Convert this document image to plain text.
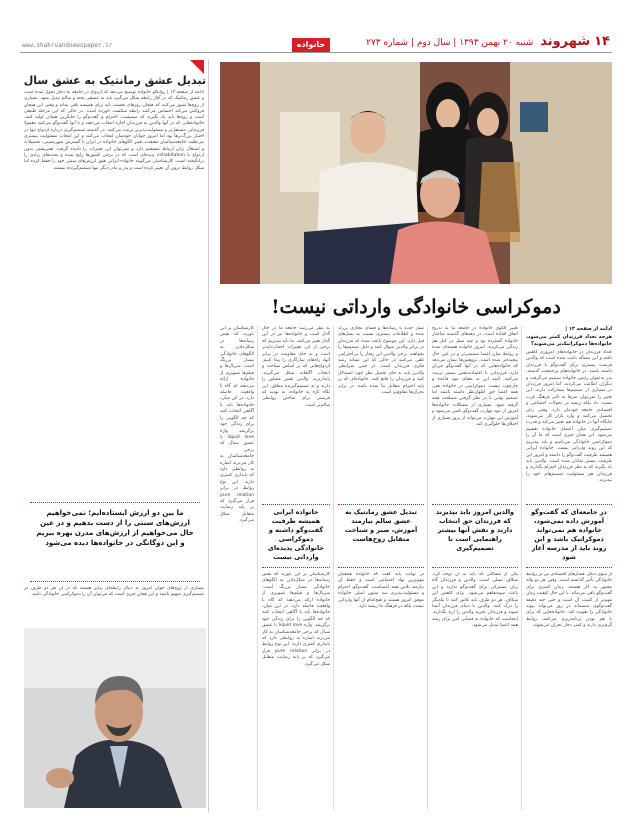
www.shahrvandnewspaper.ir	خانواده	۱۴شهروند شنبه ۲۰ بهمن ۱۳۹۳ | سال دوم | شماره ۲۷۳
تبدیل عشق رمانتیک به عشق سال
ادامه از صفحه ۱۳ | روانکاو خانواده توضیح می‌دهد که ازدواج در جامعه ما دچار تحول شده است و عشق رمانتیک که در آغاز رابطه شکل می‌گیرد باید به عشقی پخته و سالم تبدیل شود. بسیاری از زوج‌ها تصور می‌کنند که هیجان روزهای نخست باید برای همیشه باقی بماند و وقتی این هیجان فروکش می‌کند احساس می‌کنند رابطه شکست خورده است. در حالی که این مرحله طبیعی است و زوج‌ها باید یاد بگیرند که صمیمیت، احترام و گفت‌وگو را جایگزین هیجان اولیه کنند. خانواده‌هایی که در آنها والدین به فرزندان اجازه انتخاب می‌دهند و با آنها گفت‌وگو می‌کنند معمولا فرزندانی مستقل‌تر و مسئولیت‌پذیرتر تربیت می‌کنند. در گذشته تصمیم‌گیری درباره ازدواج تنها در اختیار بزرگ‌ترها بود اما امروز جوانان خودشان انتخاب می‌کنند و این انتخاب مسئولیت بیشتری می‌طلبد. جامعه‌شناسان معتقدند تغییر الگوهای خانواده در ایران با گسترش شهرنشینی، تحصیلات و اشتغال زنان ارتباط مستقیم دارد و نمی‌توان این تغییرات را نادیده گرفت. همزیستی بدون ازدواج یا cohabitation پدیده‌ای است که در برخی کشورها رایج شده و بحث‌های زیادی را برانگیخته است. کارشناسان می‌گویند خانواده ایرانی هنوز ارزش‌های سنتی خود را حفظ کرده اما شکل روابط درون آن تغییر کرده است و پدر و مادر دیگر تنها تصمیم‌گیرنده نیستند.
ما بین دو ارزش ایستاده‌ایم؛ نمی‌خواهیم ارزش‌های سنتی را از دست بدهیم و در عین حال می‌خواهیم از ارزش‌های مدرن بهره ببریم و این دوگانگی در خانواده‌ها دیده می‌شود
بسیاری از زوج‌های جوان امروز به دنبال رابطه‌ای برابر هستند که در آن هر دو طرف در تصمیم‌گیری سهیم باشند و این همان چیزی است که می‌توان آن را دموکراسی خانوادگی نامید.
دموکراسی خانوادگی وارداتی نیست!
ادامه از صفحه ۱۳ |
هرچه تعداد فرزندان کمتر می‌شود، خانواده‌ها دموکراتیک‌تر می‌شوند؟
تعداد فرزندان در خانواده‌های امروزی کاهش یافته و این مسأله باعث شده است که والدین فرصت بیشتری برای گفت‌وگو با فرزندان داشته باشند. در خانواده‌های پرجمعیت گذشته، پدر به‌عنوان رئیس خانواده تصمیم می‌گرفت و دیگران اطاعت می‌کردند. اما امروز فرزندان در بسیاری از تصمیم‌ها مشارکت دارند. این تغییر را نمی‌توان صرفا به تاثیر فرهنگ غرب نسبت داد بلکه ریشه در تحولات اجتماعی و اقتصادی جامعه خودمان دارد. وقتی زنان تحصیل می‌کنند و وارد بازار کار می‌شوند، جایگاه آنها در خانواده هم تغییر می‌کند و قدرت تصمیم‌گیری میان اعضای خانواده تقسیم می‌شود. این همان چیزی است که ما آن را دموکراسی خانوادگی می‌نامیم و باید بپذیریم که این روند وارداتی نیست. خانواده ایرانی همیشه ظرفیت گفت‌وگو را داشته و امروز این ظرفیت بیشتر نمایان شده است. والدین باید یاد بگیرند که به نظر فرزندان احترام بگذارند و فرزندان هم مسئولیت تصمیم‌های خود را بپذیرند.
در جامعه‌ای که گفت‌وگو آموزش داده نمی‌شود، خانواده هم نمی‌تواند دموکراتیک باشد و این روند باید از مدرسه آغاز شود
از سوی دیگر، فشارهای اقتصادی نیز بر روابط خانوادگی تأثیر گذاشته است. وقتی هر دو والد مجبور به کار هستند، زمان کمتری برای گفت‌وگو باقی می‌ماند. با این حال کیفیت زمان مهم‌تر از کمیت آن است و حتی چند دقیقه گفت‌وگوی صمیمانه در روز می‌تواند پیوند خانوادگی را تقویت کند. خانواده‌هایی که برای با هم بودن برنامه‌ریزی می‌کنند، روابط گرم‌تری دارند و کمتر دچار بحران می‌شوند.
تغییر الگوی خانواده در جامعه ما به تدریج اتفاق افتاده است. در دهه‌های گذشته ساختار خانواده گسترده بود و چند نسل در کنار هم زندگی می‌کردند. امروز خانواده هسته‌ای شده و روابط میان اعضا صمیمی‌تر و در عین حال پیچیده‌تر شده است. پژوهش‌ها نشان می‌دهد که خانواده‌هایی که در آنها گفت‌وگو جریان دارد، فرزندانی با اعتمادبه‌نفس بیشتر تربیت می‌کنند. البته این به معنای نبود قاعده و چارچوب نیست. دموکراسی در خانواده یعنی همه اعضا حق اظهارنظر داشته باشند اما تصمیم نهایی با در نظر گرفتن مصلحت همه گرفته شود. بسیاری از مشکلات خانواده‌ها امروز از نبود مهارت گفت‌وگو ناشی می‌شود و آموزش این مهارت می‌تواند از بروز بسیاری از اختلاف‌ها جلوگیری کند.
والدین امروز باید بپذیرند که فرزندان حق انتخاب دارند و نقش آنها بیشتر راهنمایی است تا تصمیم‌گیری
یکی از مسائلی که باید به آن توجه کرد، شکاف نسلی است. والدین و فرزندان گاه زبان مشترکی برای گفت‌وگو ندارند و این باعث سوءتفاهم می‌شود. برای کاهش این شکاف، هر دو طرف باید تلاش کنند تا یکدیگر را درک کنند. والدین با دنیای فرزندان آشنا شوند و فرزندان تجربه والدین را ارج بگذارند. اینجاست که خانواده به فضایی امن برای رشد همه اعضا تبدیل می‌شود.
نسل جدید با رسانه‌ها و فضای مجازی بزرگ شده و اطلاعات بیشتری نسبت به نسل‌های قبل دارد. این موضوع باعث شده که فرزندان در برابر والدین سوال کنند و دلیل تصمیم‌ها را بخواهند. برخی والدین این رفتار را بی‌احترامی تلقی می‌کنند در حالی که این نشانه رشد فکری فرزندان است. در چنین شرایطی والدین باید به جای تحمیل نظر خود، استدلال کنند و فرزندان را قانع کنند. خانواده‌ای که بر پایه احترام متقابل بنا شده باشد، در برابر بحران‌ها مقاوم‌تر است.
تبدیل عشق رمانتیک به عشق سالم نیازمند آموزش، صبر و شناخت متقابل زوج‌هاست
در نهایت باید گفت که خانواده همچنان مهم‌ترین نهاد اجتماعی است و حفظ آن نیازمند تلاش همه اعضاست. گفت‌وگو، احترام و مسئولیت‌پذیری سه ستون اصلی خانواده موفق امروز هستند و هیچ‌کدام از آنها وارداتی نیست بلکه در فرهنگ ما ریشه دارد.
به نظر می‌رسد جامعه ما در حال گذار است و خانواده‌ها نیز در این گذار تغییر می‌کنند. ما باید بپذیریم که برخی از این تغییرات اجتناب‌ناپذیر است و به جای مقاومت در برابر آنها، راه‌های سازگاری را پیدا کنیم. ازدواج‌هایی که بر اساس شناخت و انتخاب آگاهانه شکل می‌گیرند، پایدارترند. والدین نقش مشاور را دارند و نه تصمیم‌گیرنده مطلق. این نگاه تازه به خانواده، نه تهدید که فرصتی برای ساختن روابطی سالم‌تر است.
خانواده ایرانی همیشه ظرفیت گفت‌وگو داشته و دموکراسی خانوادگی پدیده‌ای وارداتی نیست
کارشناسان بر این باورند که نقش رسانه‌ها در شکل‌دادن به الگوهای خانوادگی بسیار پررنگ است. سریال‌ها و فیلم‌ها تصویری از خانواده ارائه می‌دهند که گاه با واقعیت فاصله دارد. در این میان، خانواده‌ها باید با آگاهی انتخاب کنند که چه الگویی را برای زندگی خود برگزینند. واژه liquid love یا عشق سیال که برخی جامعه‌شناسان به کار می‌برند اشاره به روابطی دارد که پایداری کمتری دارند. این نوع روابط در برابر pure relation قرار می‌گیرد که بر پایه رضایت متقابل شکل می‌گیرد.
کارشناسان بر این باورند که نقش رسانه‌ها در شکل‌دادن به الگوهای خانوادگی بسیار پررنگ است. سریال‌ها و فیلم‌ها تصویری از خانواده ارائه می‌دهند که گاه با واقعیت فاصله دارد. در این میان، خانواده‌ها باید با آگاهی انتخاب کنند که چه الگویی را برای زندگی خود برگزینند. واژه liquid love یا عشق سیال که برخی جامعه‌شناسان به کار می‌برند اشاره به روابطی دارد که پایداری کمتری دارند. این نوع روابط در برابر pure relation قرار می‌گیرد که بر پایه رضایت متقابل شکل می‌گیرد.
